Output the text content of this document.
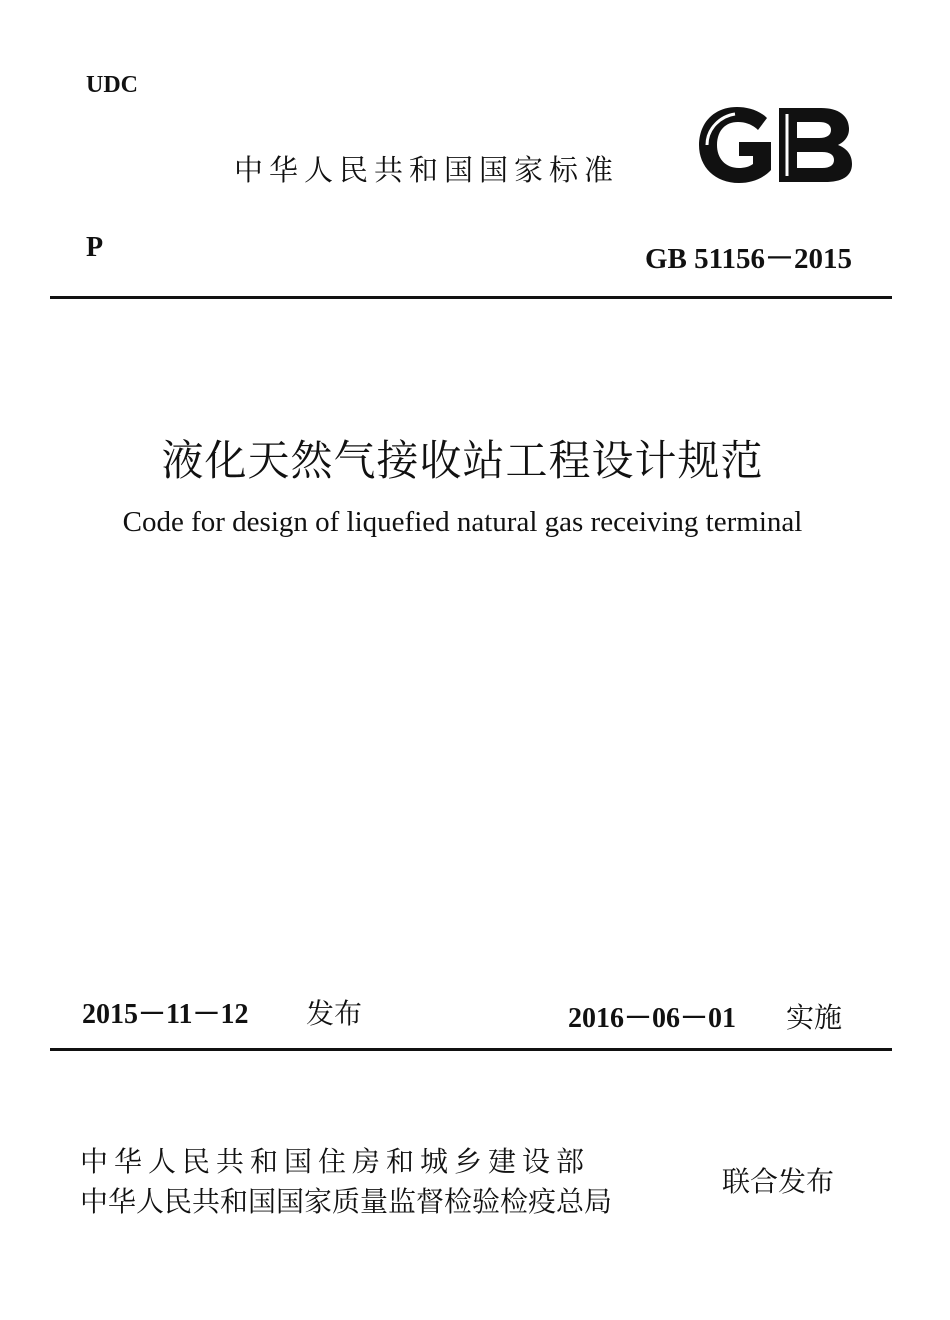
UDC
中华人民共和国国家标准
P	GB 51156－2015
液化天然气接收站工程设计规范
Code for design of liquefied natural gas receiving terminal
2015－11－12 发布	2016－06－01 实施
中华人民共和国住房和城乡建设部
中华人民共和国国家质量监督检验检疫总局
联合发布
